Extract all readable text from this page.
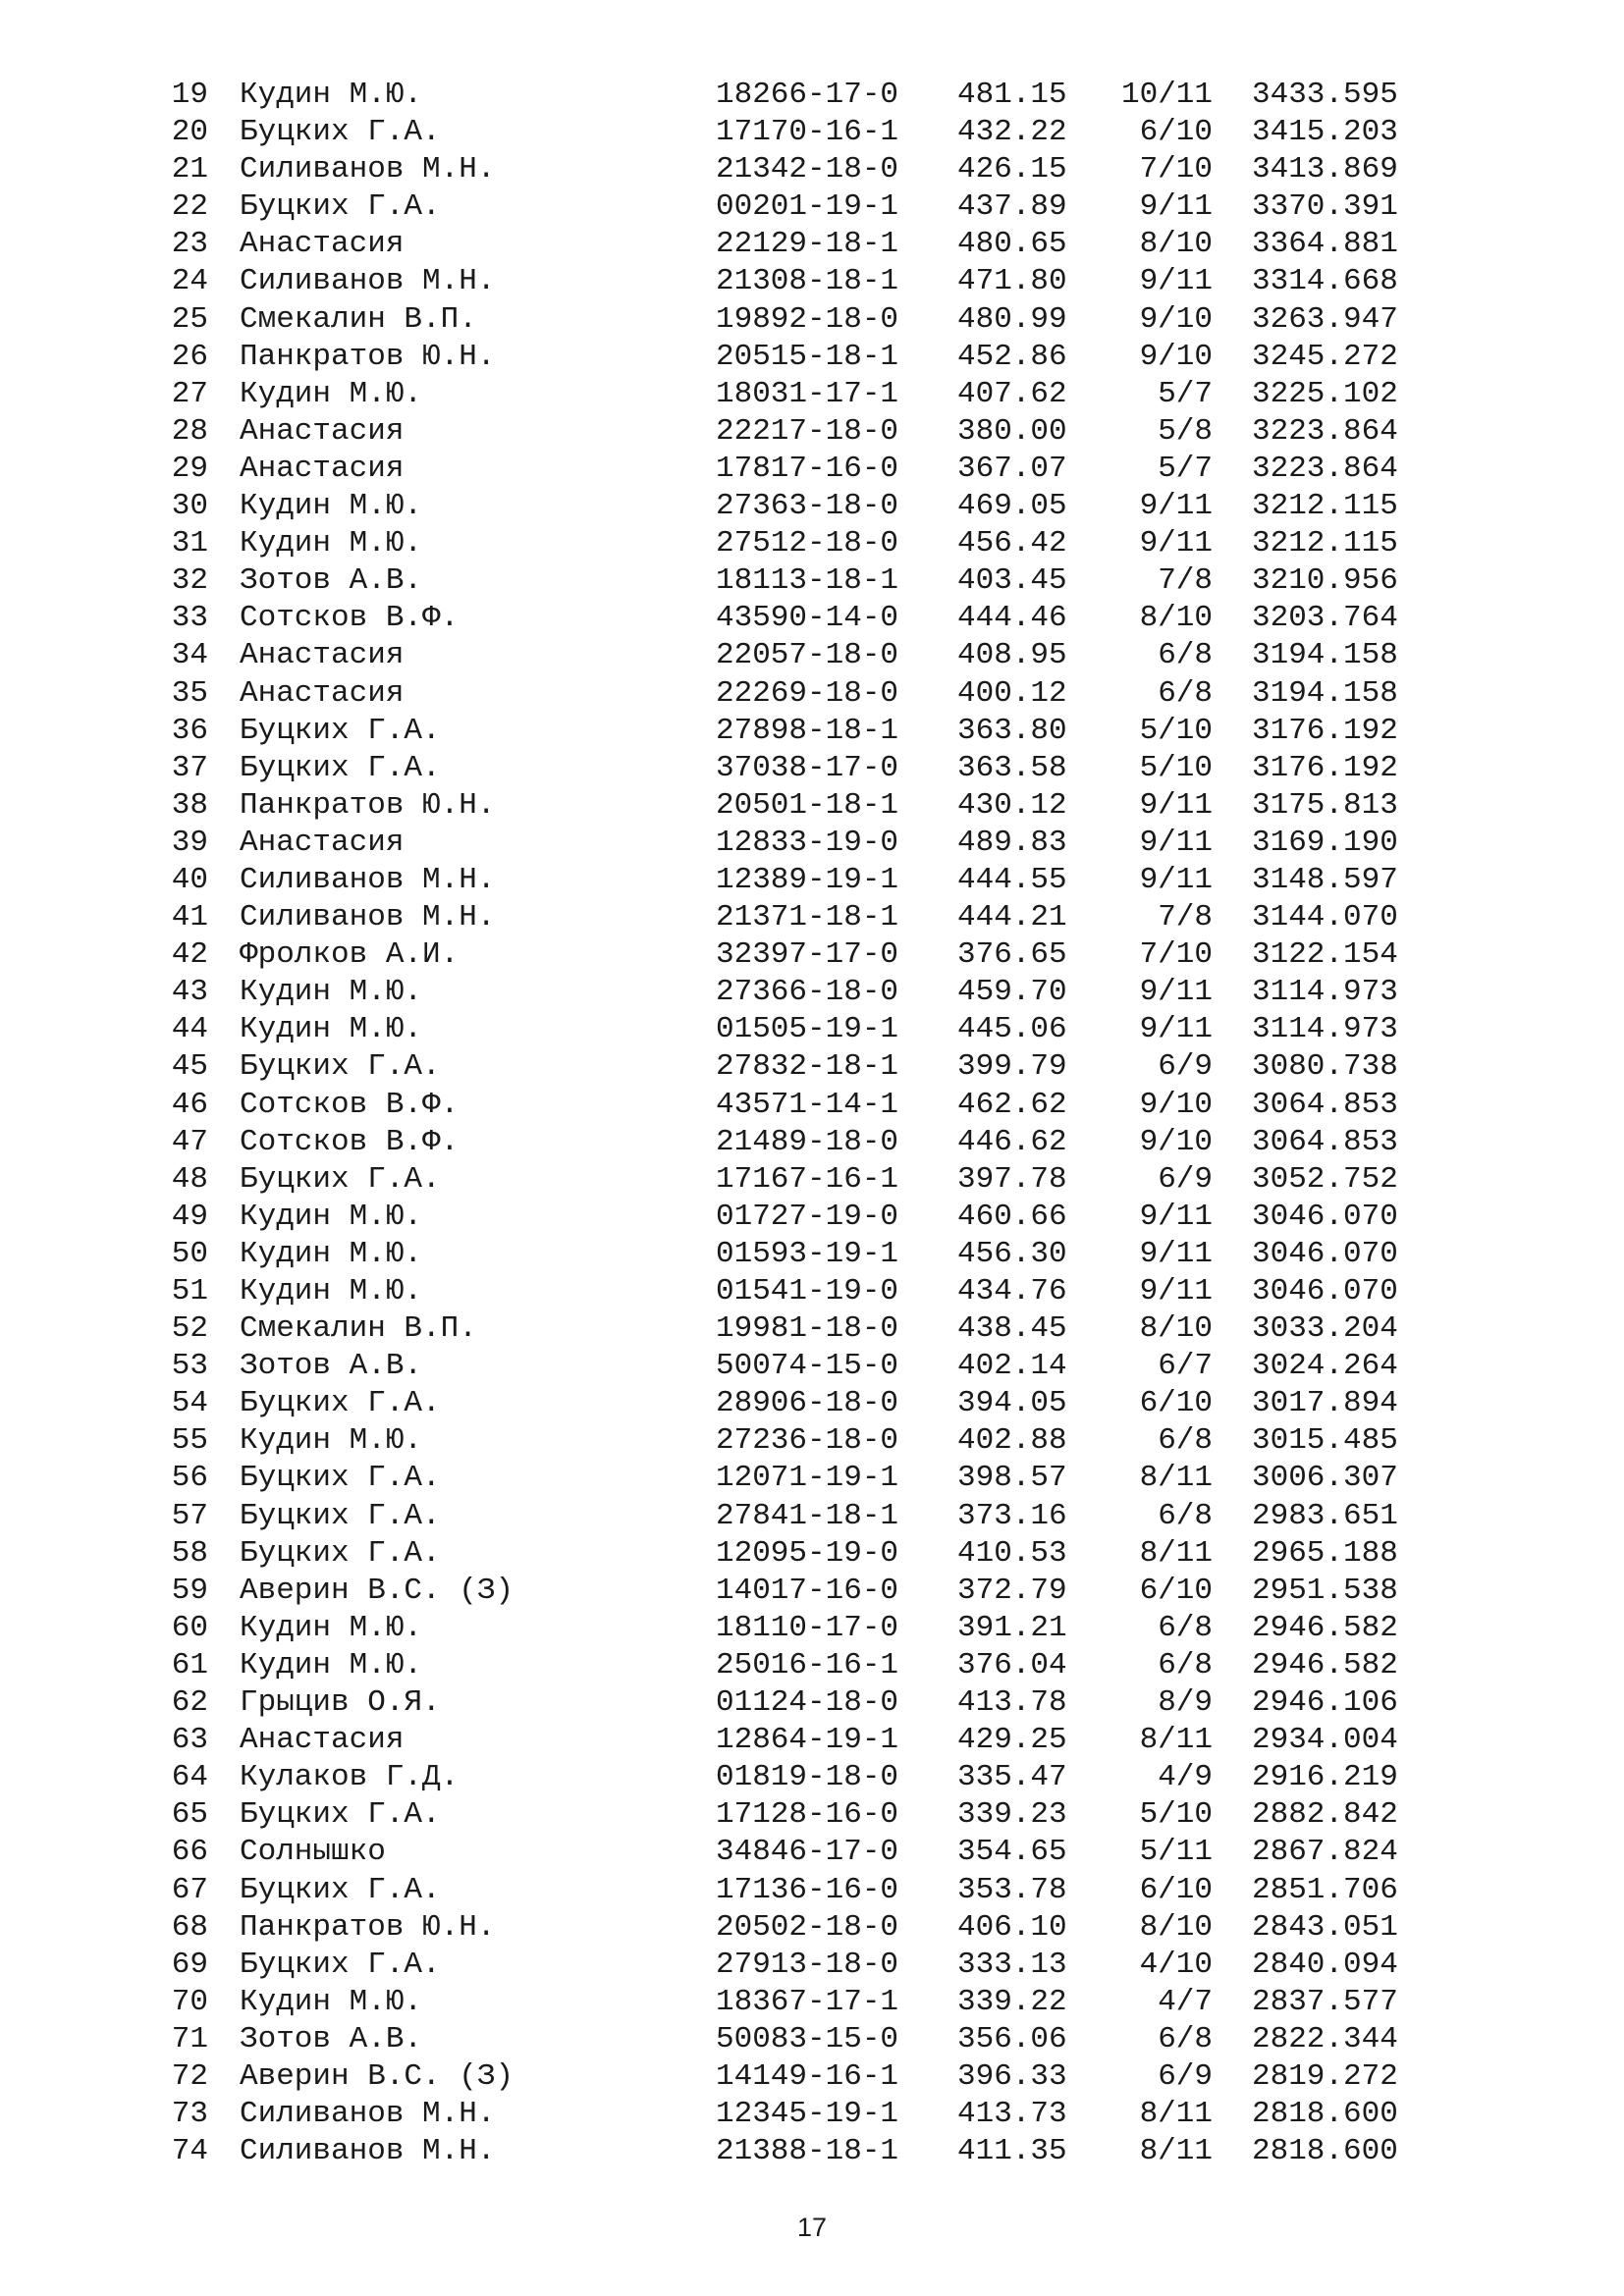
19 Кудин М.Ю.	18266-17-0 481.15	10/11 3433.595
20 Буцких Г.А.	17170-16-1 432.22	6/10 3415.203
21 Силиванов М.Н.	21342-18-0 426.15	7/10 3413.869
22 Буцких Г.А.	00201-19-1 437.89	9/11 3370.391
23 Анастасия	22129-18-1 480.65	8/10 3364.881
24 Силиванов М.Н.	21308-18-1 471.80	9/11 3314.668
25 Смекалин В.П.	19892-18-0 480.99	9/10 3263.947
26 Панкратов Ю.Н.	20515-18-1 452.86	9/10 3245.272
27 Кудин М.Ю.	18031-17-1 407.62	5/7 3225.102
28 Анастасия	22217-18-0 380.00	5/8 3223.864
29 Анастасия	17817-16-0 367.07	5/7 3223.864
30 Кудин М.Ю.	27363-18-0 469.05	9/11 3212.115
31 Кудин М.Ю.	27512-18-0 456.42	9/11 3212.115
32 Зотов А.В.	18113-18-1 403.45	7/8 3210.956
33 Сотсков В.Ф.	43590-14-0 444.46	8/10 3203.764
34 Анастасия	22057-18-0 408.95	6/8 3194.158
35 Анастасия	22269-18-0 400.12	6/8 3194.158
36 Буцких Г.А.	27898-18-1 363.80	5/10 3176.192
37 Буцких Г.А.	37038-17-0 363.58	5/10 3176.192
38 Панкратов Ю.Н.	20501-18-1 430.12	9/11 3175.813
39 Анастасия	12833-19-0 489.83	9/11 3169.190
40 Силиванов М.Н.	12389-19-1 444.55	9/11 3148.597
41 Силиванов М.Н.	21371-18-1 444.21	7/8 3144.070
42 Фролков А.И.	32397-17-0 376.65	7/10 3122.154
43 Кудин М.Ю.	27366-18-0 459.70	9/11 3114.973
44 Кудин М.Ю.	01505-19-1 445.06	9/11 3114.973
45 Буцких Г.А.	27832-18-1 399.79	6/9 3080.738
46 Сотсков В.Ф.	43571-14-1 462.62	9/10 3064.853
47 Сотсков В.Ф.	21489-18-0 446.62	9/10 3064.853
48 Буцких Г.А.	17167-16-1 397.78	6/9 3052.752
49 Кудин М.Ю.	01727-19-0 460.66	9/11 3046.070
50 Кудин М.Ю.	01593-19-1 456.30	9/11 3046.070
51 Кудин М.Ю.	01541-19-0 434.76	9/11 3046.070
52 Смекалин В.П.	19981-18-0 438.45	8/10 3033.204
53 Зотов А.В.	50074-15-0 402.14	6/7 3024.264
54 Буцких Г.А.	28906-18-0 394.05	6/10 3017.894
55 Кудин М.Ю.	27236-18-0 402.88	6/8 3015.485
56 Буцких Г.А.	12071-19-1 398.57	8/11 3006.307
57 Буцких Г.А.	27841-18-1 373.16	6/8 2983.651
58 Буцких Г.А.	12095-19-0 410.53	8/11 2965.188
59 Аверин В.С. (З)	14017-16-0 372.79	6/10 2951.538
60 Кудин М.Ю.	18110-17-0 391.21	6/8 2946.582
61 Кудин М.Ю.	25016-16-1 376.04	6/8 2946.582
62 Грыцив О.Я.	01124-18-0 413.78	8/9 2946.106
63 Анастасия	12864-19-1 429.25	8/11 2934.004
64 Кулаков Г.Д.	01819-18-0 335.47	4/9 2916.219
65 Буцких Г.А.	17128-16-0 339.23	5/10 2882.842
66 Солнышко	34846-17-0 354.65	5/11 2867.824
67 Буцких Г.А.	17136-16-0 353.78	6/10 2851.706
68 Панкратов Ю.Н.	20502-18-0 406.10	8/10 2843.051
69 Буцких Г.А.	27913-18-0 333.13	4/10 2840.094
70 Кудин М.Ю.	18367-17-1 339.22	4/7 2837.577
71 Зотов А.В.	50083-15-0 356.06	6/8 2822.344
72 Аверин В.С. (З)	14149-16-1 396.33	6/9 2819.272
73 Силиванов М.Н.	12345-19-1 413.73	8/11 2818.600
74 Силиванов М.Н.	21388-18-1 411.35	8/11 2818.600
17
